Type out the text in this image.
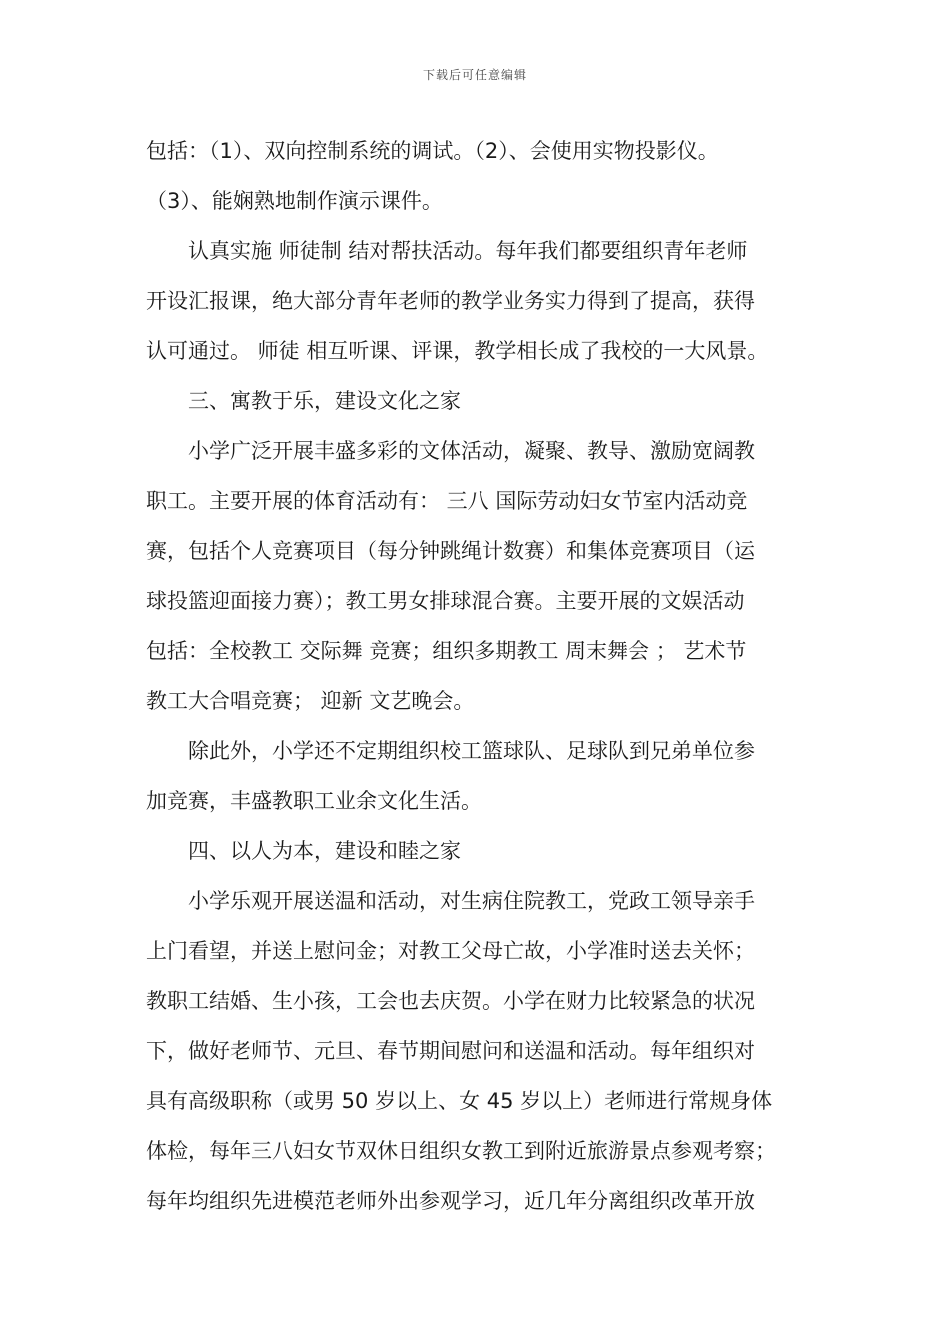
下载后可任意编辑
包括：（1）、双向控制系统的调试。（2）、会使用实物投影仪。
（3）、能娴熟地制作演示课件。
认真实施 师徒制 结对帮扶活动。每年我们都要组织青年老师
开设汇报课，绝大部分青年老师的教学业务实力得到了提高，获得
认可通过。 师徒 相互听课、评课，教学相长成了我校的一大风景。
三、寓教于乐，建设文化之家
小学广泛开展丰盛多彩的文体活动，凝聚、教导、激励宽阔教
职工。主要开展的体育活动有： 三八 国际劳动妇女节室内活动竞
赛，包括个人竞赛项目（每分钟跳绳计数赛）和集体竞赛项目（运
球投篮迎面接力赛）；教工男女排球混合赛。主要开展的文娱活动
包括：全校教工 交际舞 竞赛；组织多期教工 周末舞会 ； 艺术节
教工大合唱竞赛； 迎新 文艺晚会。
除此外，小学还不定期组织校工篮球队、足球队到兄弟单位参
加竞赛，丰盛教职工业余文化生活。
四、以人为本，建设和睦之家
小学乐观开展送温和活动，对生病住院教工，党政工领导亲手
上门看望，并送上慰问金；对教工父母亡故，小学准时送去关怀；
教职工结婚、生小孩，工会也去庆贺。小学在财力比较紧急的状况
下，做好老师节、元旦、春节期间慰问和送温和活动。每年组织对
具有高级职称（或男 50 岁以上、女 45 岁以上）老师进行常规身体
体检，每年三八妇女节双休日组织女教工到附近旅游景点参观考察；
每年均组织先进模范老师外出参观学习，近几年分离组织改革开放
